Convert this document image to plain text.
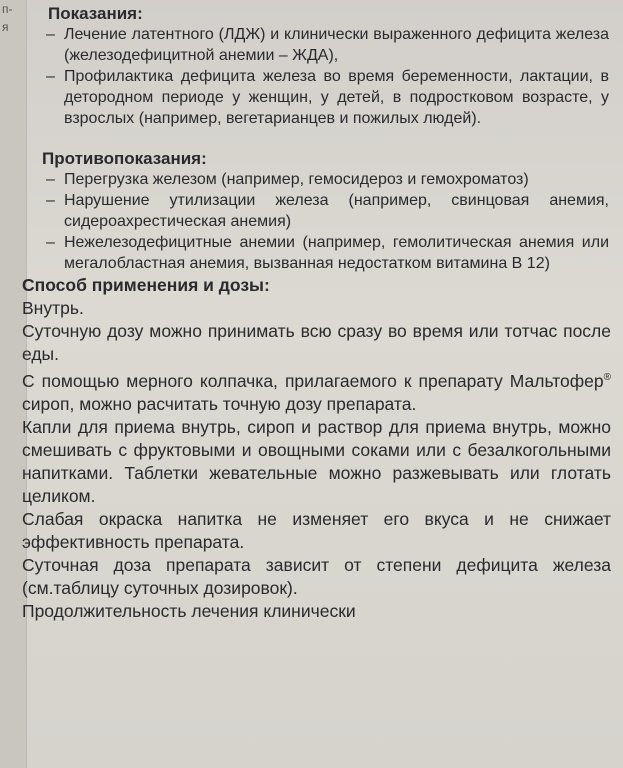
п-
я

Показания:

– Лечение латентного (ЛДЖ) и клинически выраженного дефицита железа (железодефицитной анемии – ЖДА),
– Профилактика дефицита железа во время беременности, лактации, в детородном периоде у женщин, у детей, в подростковом возрасте, у взрослых (например, вегетарианцев и пожилых людей).

Противопоказания:

– Перегрузка железом (например, гемосидероз и гемохроматоз)
– Нарушение утилизации железа (например, свинцовая анемия, сидероахрестическая анемия)
– Нежелезодефицитные анемии (например, гемолитическая анемия или мегалобластная анемия, вызванная недостатком витамина В 12)

Способ применения и дозы:

Внутрь.

Суточную дозу можно принимать всю сразу во время или тотчас после еды.

С помощью мерного колпачка, прилагаемого к препарату Мальтофер® сироп, можно расчитать точную дозу препарата.

Капли для приема внутрь, сироп и раствор для приема внутрь, можно смешивать с фруктовыми и овощными соками или с безалкогольными напитками. Таблетки жевательные можно разжевывать или глотать целиком.

Слабая окраска напитка не изменяет его вкуса и не снижает эффективность препарата.

Суточная доза препарата зависит от степени дефицита железа (см.таблицу суточных дозировок).

Продолжительность лечения клинически
